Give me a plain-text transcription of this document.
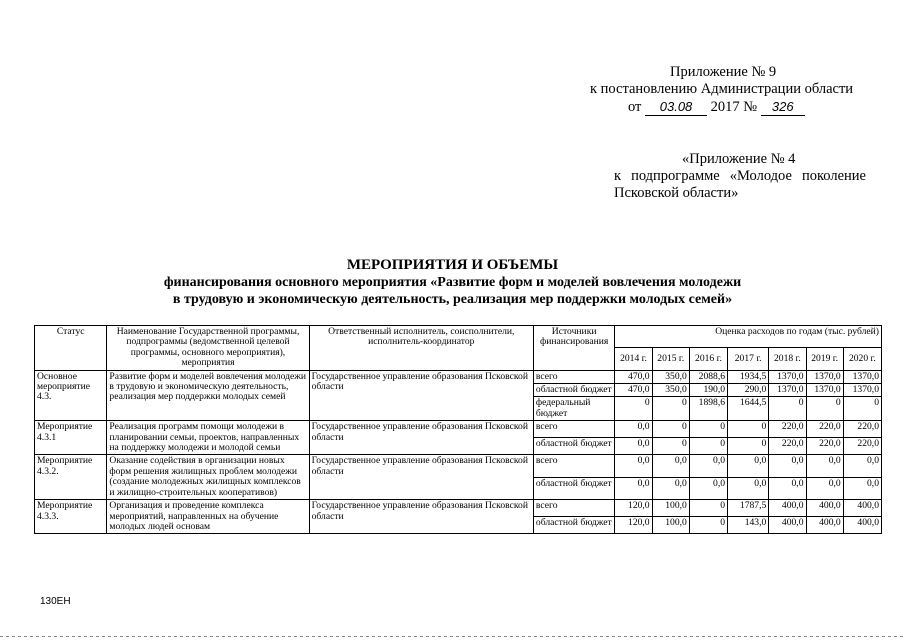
Приложение № 9
к постановлению Администрации области
от 03.08 2017 № 326
«Приложение № 4
к подпрограмме «Молодое поколение
Псковской области»
МЕРОПРИЯТИЯ И ОБЪЕМЫ
финансирования основного мероприятия «Развитие форм и моделей вовлечения молодежи
в трудовую и экономическую деятельность, реализация мер поддержки молодых семей»
Статус	Наименование Государственной программы, подпрограммы (ведомственной целевой программы, основного мероприятия), мероприятия	Ответственный исполнитель, соисполнители, исполнитель-координатор	Источники финансирования	Оценка расходов по годам (тыс. рублей)						
				2014 г.	2015 г.	2016 г.	2017 г.	2018 г.	2019 г.	2020 г.
Основное мероприятие 4.3.	Развитие форм и моделей вовлечения молодежи в трудовую и экономическую деятельность, реализация мер поддержки молодых семей	Государственное управление образования Псковской области	всего	470,0	350,0	2088,6	1934,5	1370,0	1370,0	1370,0
			областной бюджет	470,0	350,0	190,0	290,0	1370,0	1370,0	1370,0
			федеральный бюджет	0	0	1898,6	1644,5	0	0	0
Мероприятие 4.3.1	Реализация программ помощи молодежи в планировании семьи, проектов, направленных на поддержку молодежи и молодой семьи	Государственное управление образования Псковской области	всего	0,0	0	0	0	220,0	220,0	220,0
			областной бюджет	0,0	0	0	0	220,0	220,0	220,0
Мероприятие 4.3.2.	Оказание содействия в организации новых форм решения жилищных проблем молодежи (создание молодежных жилищных комплексов и жилищно-строительных кооперативов)	Государственное управление образования Псковской области	всего	0,0	0,0	0,0	0,0	0,0	0,0	0,0
			областной бюджет	0,0	0,0	0,0	0,0	0,0	0,0	0,0
Мероприятие 4.3.3.	Организация и проведение комплекса мероприятий, направленных на обучение молодых людей основам	Государственное управление образования Псковской области	всего	120,0	100,0	0	1787,5	400,0	400,0	400,0
			областной бюджет	120,0	100,0	0	143,0	400,0	400,0	400,0
130ЕН
